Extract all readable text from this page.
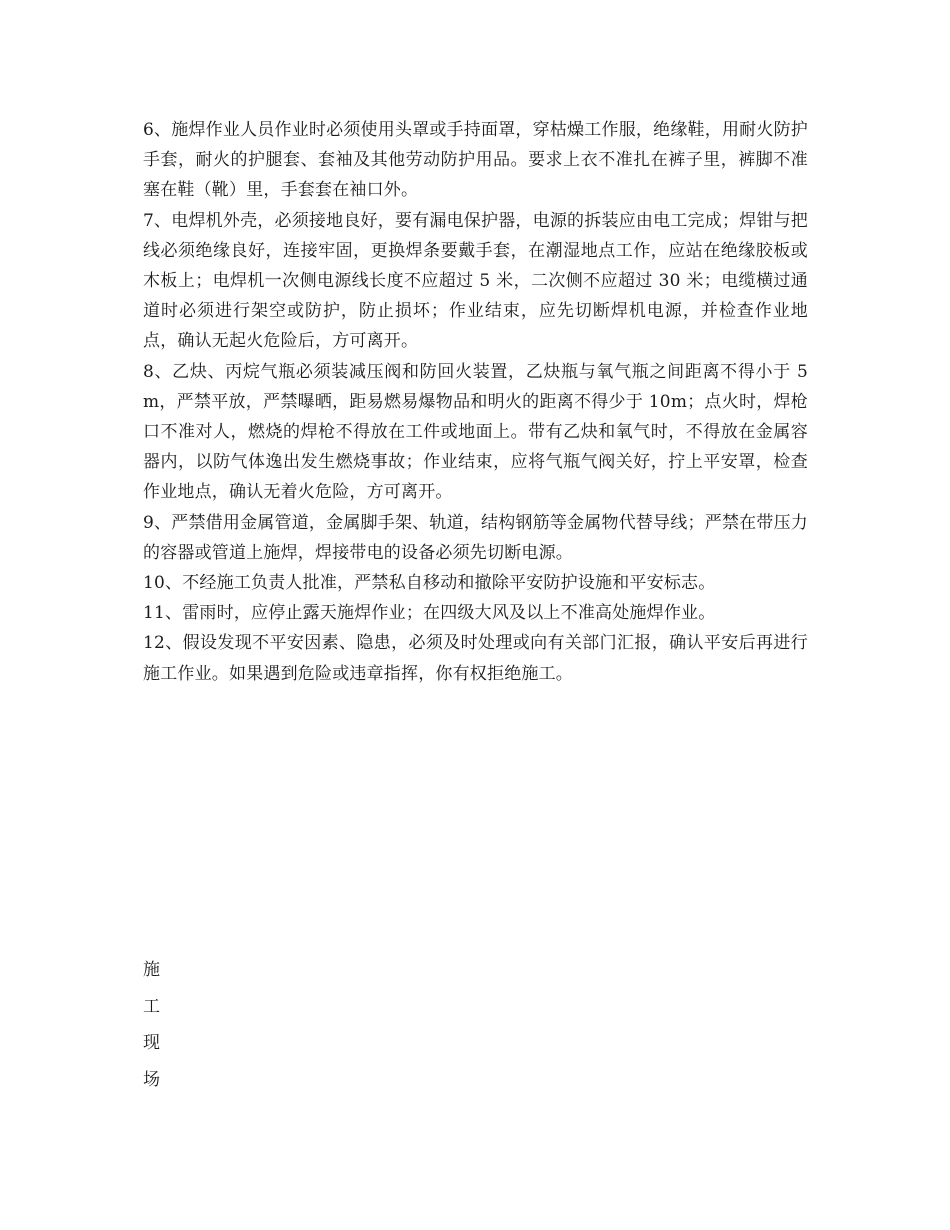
6、施焊作业人员作业时必须使用头罩或手持面罩，穿枯燥工作服，绝缘鞋，用耐火防护手套，耐火的护腿套、套袖及其他劳动防护用品。要求上衣不准扎在裤子里，裤脚不准塞在鞋（靴）里，手套套在袖口外。

7、电焊机外壳，必须接地良好，要有漏电保护器，电源的拆装应由电工完成；焊钳与把线必须绝缘良好，连接牢固，更换焊条要戴手套，在潮湿地点工作，应站在绝缘胶板或木板上；电焊机一次侧电源线长度不应超过 5 米，二次侧不应超过 30 米；电缆横过通道时必须进行架空或防护，防止损坏；作业结束，应先切断焊机电源，并检查作业地点，确认无起火危险后，方可离开。

8、乙炔、丙烷气瓶必须装减压阀和防回火装置，乙炔瓶与氧气瓶之间距离不得小于 5m，严禁平放，严禁曝晒，距易燃易爆物品和明火的距离不得少于 10m；点火时，焊枪口不准对人，燃烧的焊枪不得放在工件或地面上。带有乙炔和氧气时，不得放在金属容器内，以防气体逸出发生燃烧事故；作业结束，应将气瓶气阀关好，拧上平安罩，检查作业地点，确认无着火危险，方可离开。

9、严禁借用金属管道，金属脚手架、轨道，结构钢筋等金属物代替导线；严禁在带压力的容器或管道上施焊，焊接带电的设备必须先切断电源。

10、不经施工负责人批准，严禁私自移动和撤除平安防护设施和平安标志。

11、雷雨时，应停止露天施焊作业；在四级大风及以上不准高处施焊作业。

12、假设发现不平安因素、隐患，必须及时处理或向有关部门汇报，确认平安后再进行施工作业。如果遇到危险或违章指挥，你有权拒绝施工。

施
工
现
场
